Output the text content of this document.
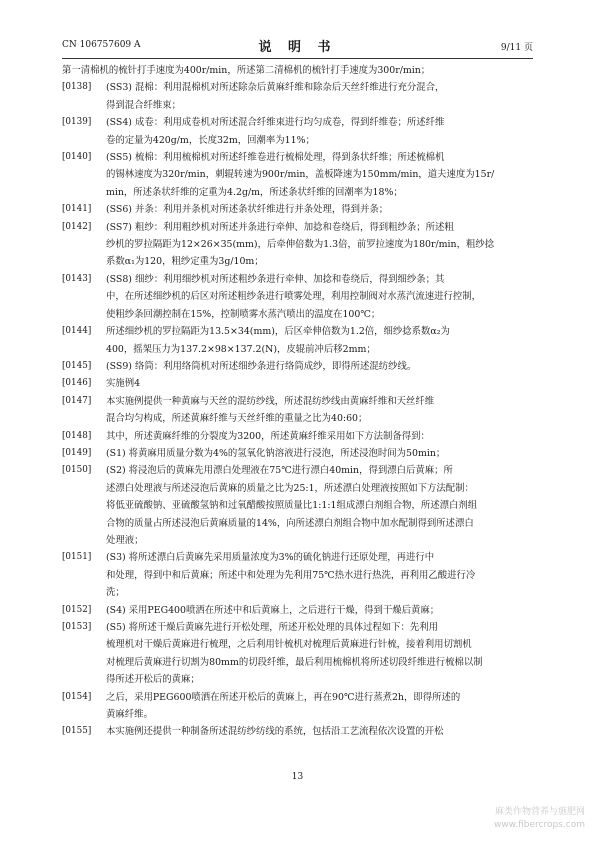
CN 106757609 A	说 明 书	9/11 页
第一清棉机的梳针打手速度为400r/min，所述第二清棉机的梳针打手速度为300r/min；
[0138]	(SS3) 混棉：利用混棉机对所述除杂后黄麻纤维和除杂后天丝纤维进行充分混合，
得到混合纤维束；
[0139]	(SS4) 成卷：利用成卷机对所述混合纤维束进行均匀成卷，得到纤维卷；所述纤维
卷的定量为420g/m，长度32m，回潮率为11%；
[0140]	(SS5) 梳棉：利用梳棉机对所述纤维卷进行梳棉处理，得到条状纤维；所述梳棉机
的锡林速度为320r/min，刺辊转速为900r/min，盖板降速为150mm/min，道夫速度为15r/
min，所述条状纤维的定重为4.2g/m，所述条状纤维的回潮率为18%；
[0141]	(SS6) 并条：利用并条机对所述条状纤维进行并条处理，得到并条；
[0142]	(SS7) 粗纱：利用粗纱机对所述并条进行牵伸、加捻和卷绕后，得到粗纱条；所述粗
纱机的罗拉隔距为12×26×35(mm)，后牵伸倍数为1.3倍，前罗拉速度为180r/min，粗纱捻
系数α₁为120，粗纱定重为3g/10m；
[0143]	(SS8) 细纱：利用细纱机对所述粗纱条进行牵伸、加捻和卷绕后，得到细纱条；其
中，在所述细纱机的后区对所述粗纱条进行喷雾处理，利用控制阀对水蒸汽流速进行控制，
使粗纱条回潮控制在15%，控制喷雾水蒸汽喷出的温度在100℃；
[0144]	所述细纱机的罗拉隔距为13.5×34(mm)，后区牵伸倍数为1.2倍，细纱捻系数α₂为
400，摇架压力为137.2×98×137.2(N)，皮辊前冲后移2mm；
[0145]	(SS9) 络筒：利用络筒机对所述细纱条进行络筒成纱，即得所述混纺纱线。
[0146]	实施例4
[0147]	本实施例提供一种黄麻与天丝的混纺纱线，所述混纺纱线由黄麻纤维和天丝纤维
混合均匀构成，所述黄麻纤维与天丝纤维的重量之比为40:60；
[0148]	其中，所述黄麻纤维的分裂度为3200，所述黄麻纤维采用如下方法制备得到：
[0149]	(S1) 将黄麻用质量分数为4%的氢氧化钠溶液进行浸泡，所述浸泡时间为50min；
[0150]	(S2) 将浸泡后的黄麻先用漂白处理液在75℃进行漂白40min，得到漂白后黄麻；所
述漂白处理液与所述浸泡后黄麻的质量之比为25:1，所述漂白处理液按照如下方法配制：
将低亚硫酸钠、亚硫酸氢钠和过氧醋酸按照质量比1:1:1组成漂白剂组合物，所述漂白剂组
合物的质量占所述浸泡后黄麻质量的14%，向所述漂白剂组合物中加水配制得到所述漂白
处理液；
[0151]	(S3) 将所述漂白后黄麻先采用质量浓度为3%的硫化钠进行还原处理，再进行中
和处理，得到中和后黄麻；所述中和处理为先利用75℃热水进行热洗，再利用乙酸进行冷
洗；
[0152]	(S4) 采用PEG400喷洒在所述中和后黄麻上，之后进行干燥，得到干燥后黄麻；
[0153]	(S5) 将所述干燥后黄麻先进行开松处理，所述开松处理的具体过程如下：先利用
梳理机对干燥后黄麻进行梳理，之后利用针梳机对梳理后黄麻进行针梳，接着利用切割机
对梳理后黄麻进行切割为80mm的切段纤维，最后利用梳棉机将所述切段纤维进行梳棉以制
得所述开松后的黄麻；
[0154]	之后，采用PEG600喷洒在所述开松后的黄麻上，再在90℃进行蒸煮2h，即得所述的
黄麻纤维。
[0155]	本实施例还提供一种制备所述混纺纱纺线的系统，包括沿工艺流程依次设置的开松
13
麻类作物营养与施肥网
www.fibercrops.com
